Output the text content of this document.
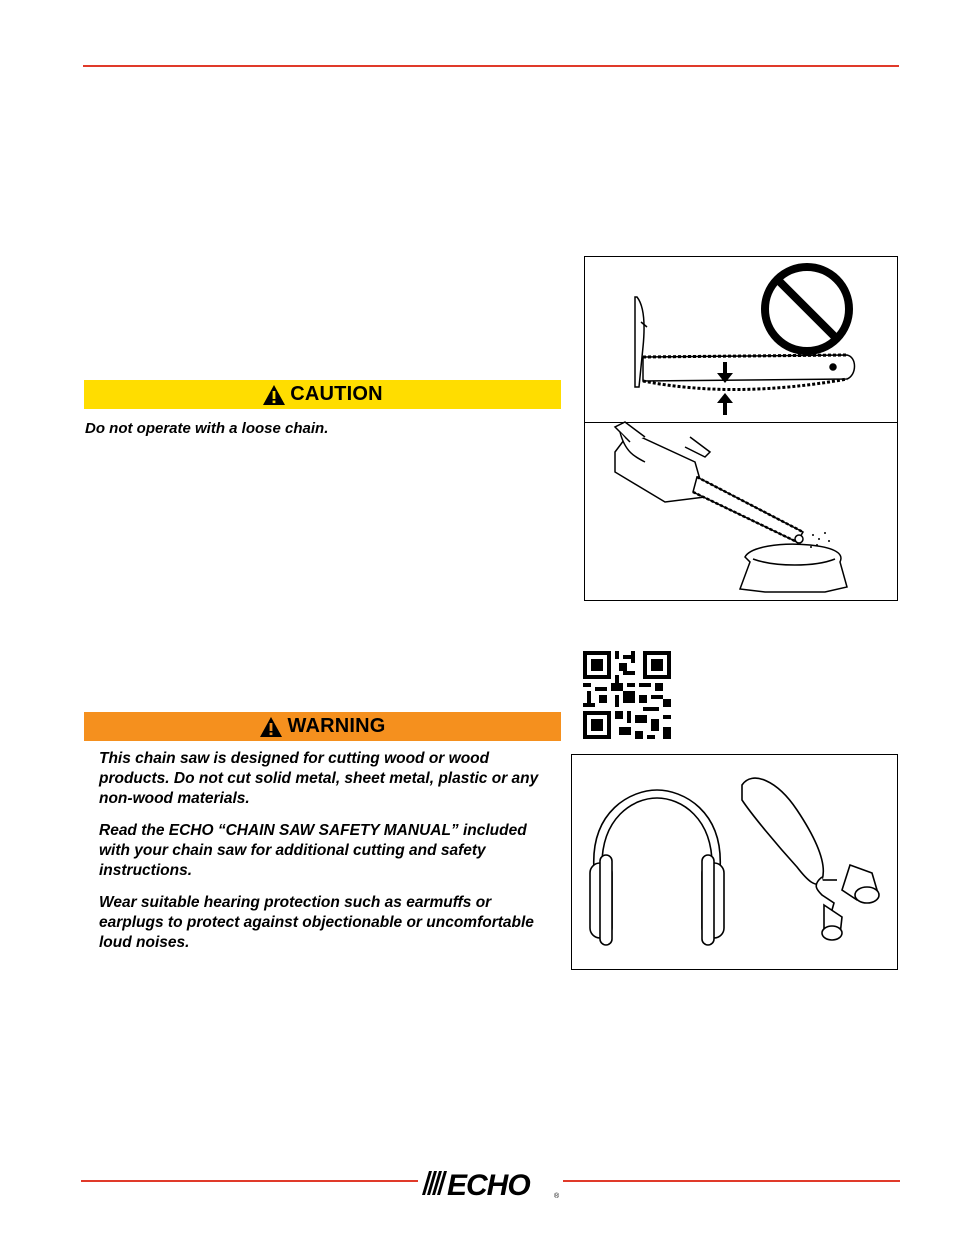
CAUTION
Do not operate with a loose chain.
WARNING

This chain saw is designed for cutting wood or wood products. Do not cut solid metal, sheet metal, plastic or any non-wood materials.

Read the ECHO “CHAIN SAW SAFETY MANUAL” included with your chain saw for additional cutting and safety instructions.

Wear suitable hearing protection such as earmuffs or earplugs to protect against objectionable or uncomfortable loud noises.

ECHO	®
